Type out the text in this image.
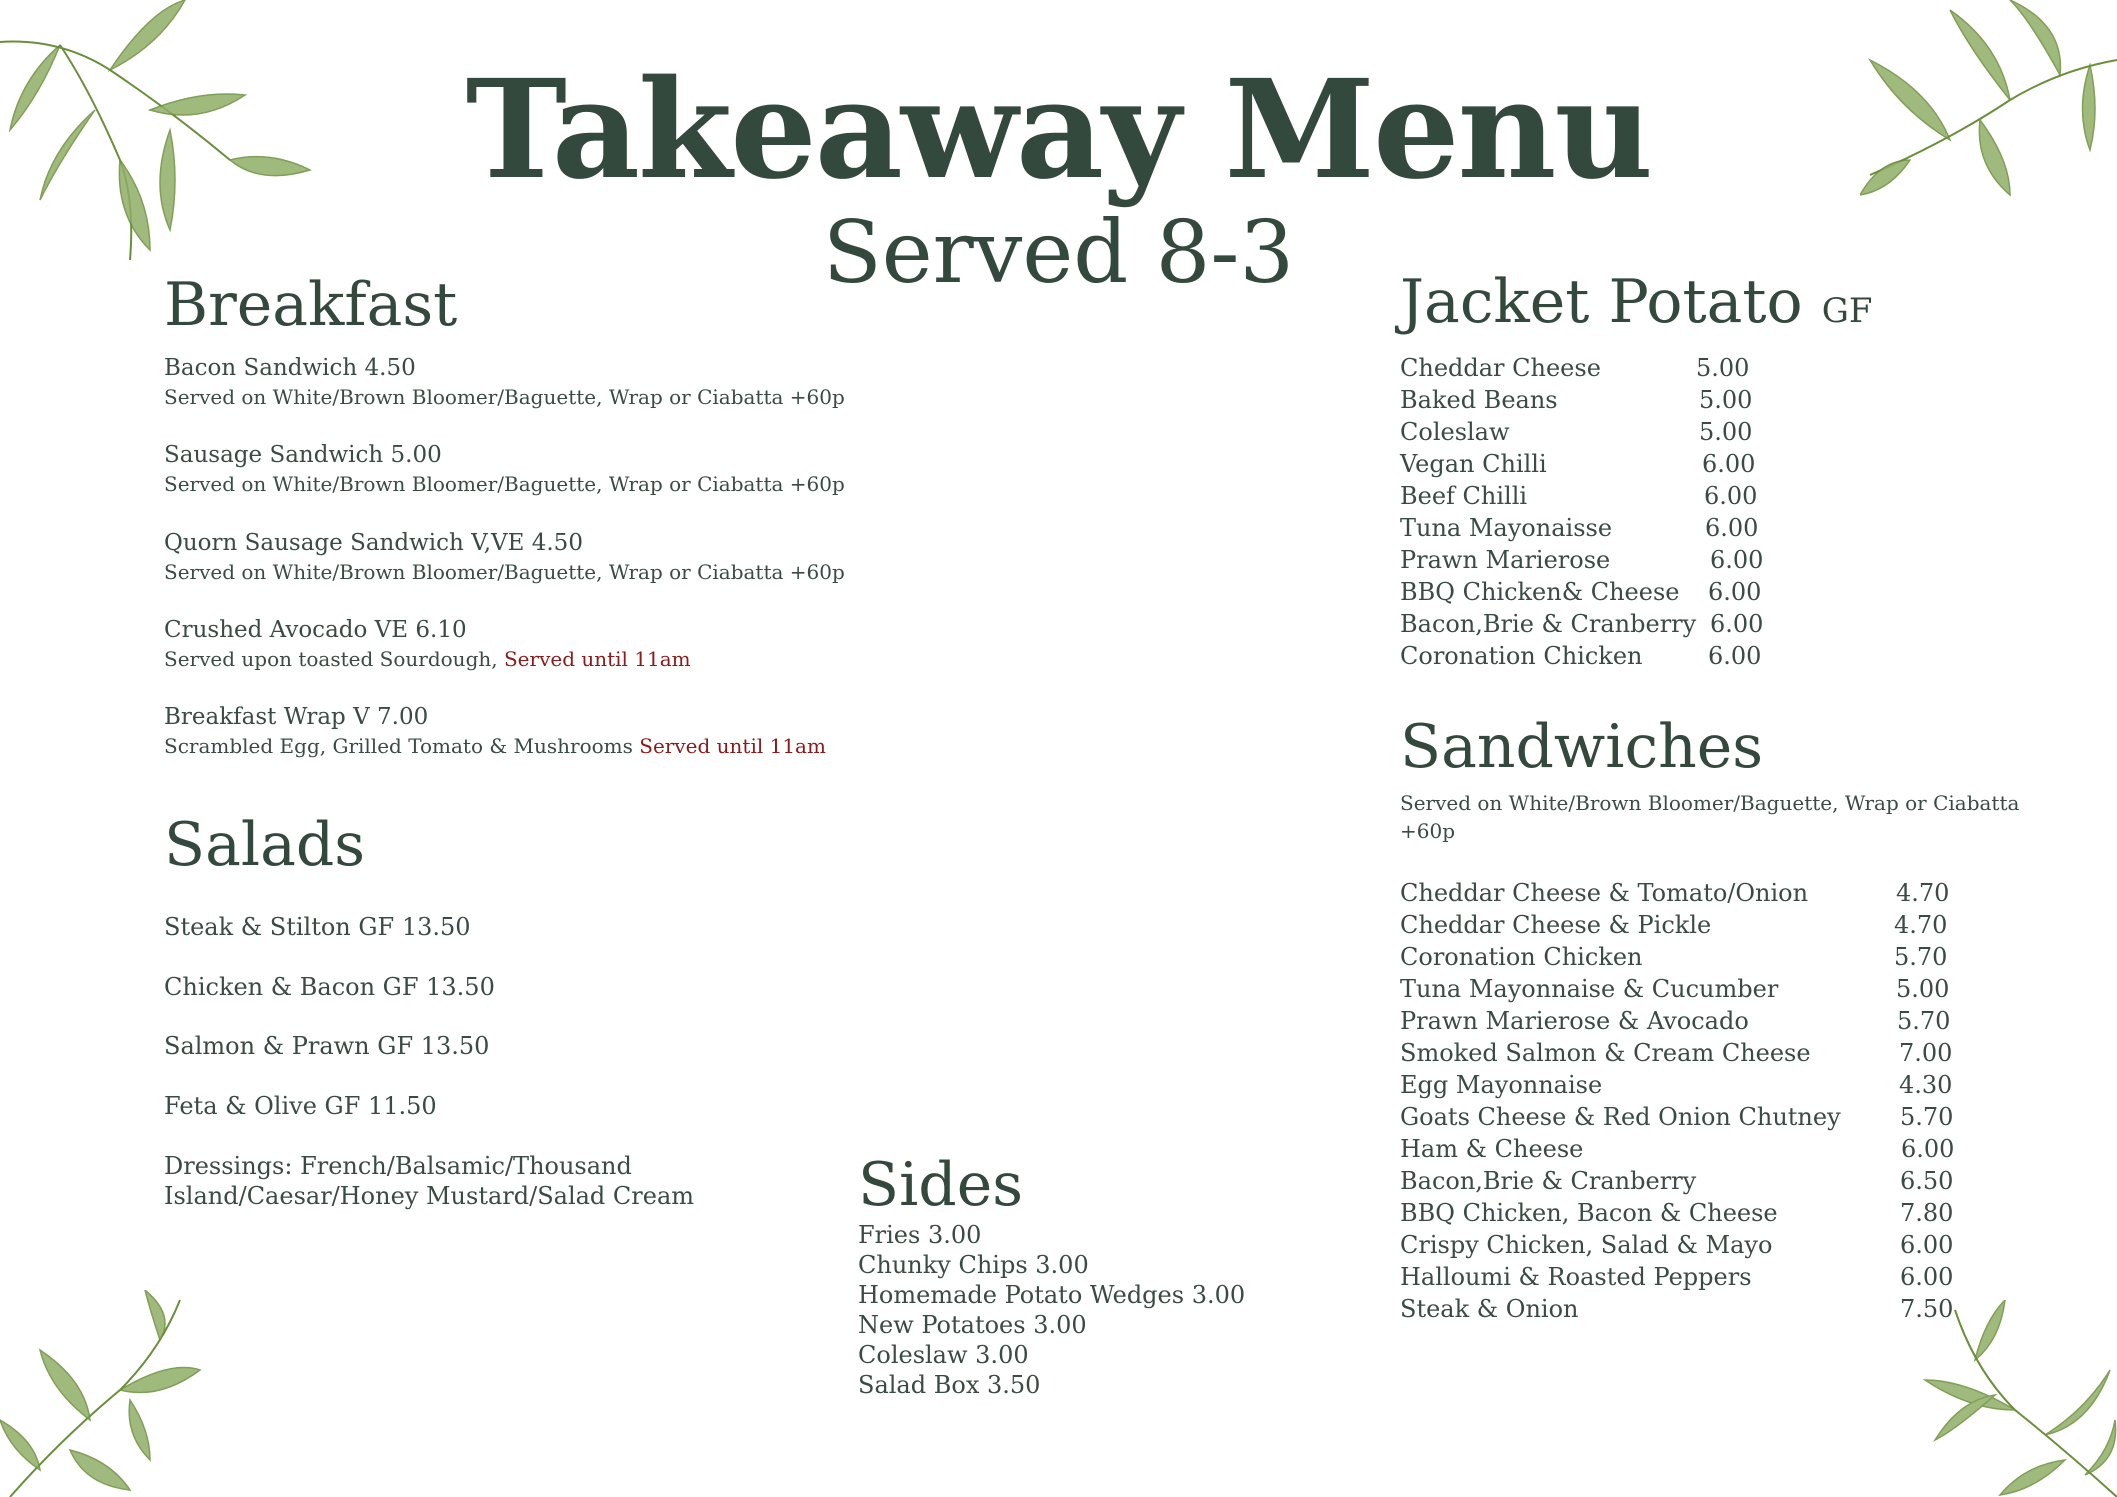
Takeaway Menu
Served 8-3
Breakfast
Bacon Sandwich 4.50
Served on White/Brown Bloomer/Baguette, Wrap or Ciabatta +60p
Sausage Sandwich 5.00
Served on White/Brown Bloomer/Baguette, Wrap or Ciabatta +60p
Quorn Sausage Sandwich V,VE 4.50
Served on White/Brown Bloomer/Baguette, Wrap or Ciabatta +60p
Crushed Avocado VE 6.10
Served upon toasted Sourdough, Served until 11am
Breakfast Wrap V 7.00
Scrambled Egg, Grilled Tomato & Mushrooms Served until 11am
Salads
Steak & Stilton GF 13.50
Chicken & Bacon GF 13.50
Salmon & Prawn GF 13.50
Feta & Olive GF 11.50
Dressings: French/Balsamic/Thousand
Island/Caesar/Honey Mustard/Salad Cream	Sides
Fries 3.00
Chunky Chips 3.00
Homemade Potato Wedges 3.00
New Potatoes 3.00
Coleslaw 3.00
Salad Box 3.50
Jacket Potato GF
Cheddar Cheese	5.00
Baked Beans	5.00
Coleslaw	5.00
Vegan Chilli	6.00
Beef Chilli	6.00
Tuna Mayonaisse	6.00
Prawn Marierose	6.00
BBQ Chicken& Cheese 6.00
Bacon,Brie & Cranberry 6.00
Coronation Chicken	6.00
Sandwiches
Served on White/Brown Bloomer/Baguette, Wrap or Ciabatta
+60p
Cheddar Cheese & Tomato/Onion	4.70
Cheddar Cheese & Pickle	4.70
Coronation Chicken	5.70
Tuna Mayonnaise & Cucumber	5.00
Prawn Marierose & Avocado	5.70
Smoked Salmon & Cream Cheese	7.00
Egg Mayonnaise	4.30
Goats Cheese & Red Onion Chutney 5.70
Ham & Cheese	6.00
Bacon,Brie & Cranberry	6.50
BBQ Chicken, Bacon & Cheese	7.80
Crispy Chicken, Salad & Mayo	6.00
Halloumi & Roasted Peppers	6.00
Steak & Onion	7.50
